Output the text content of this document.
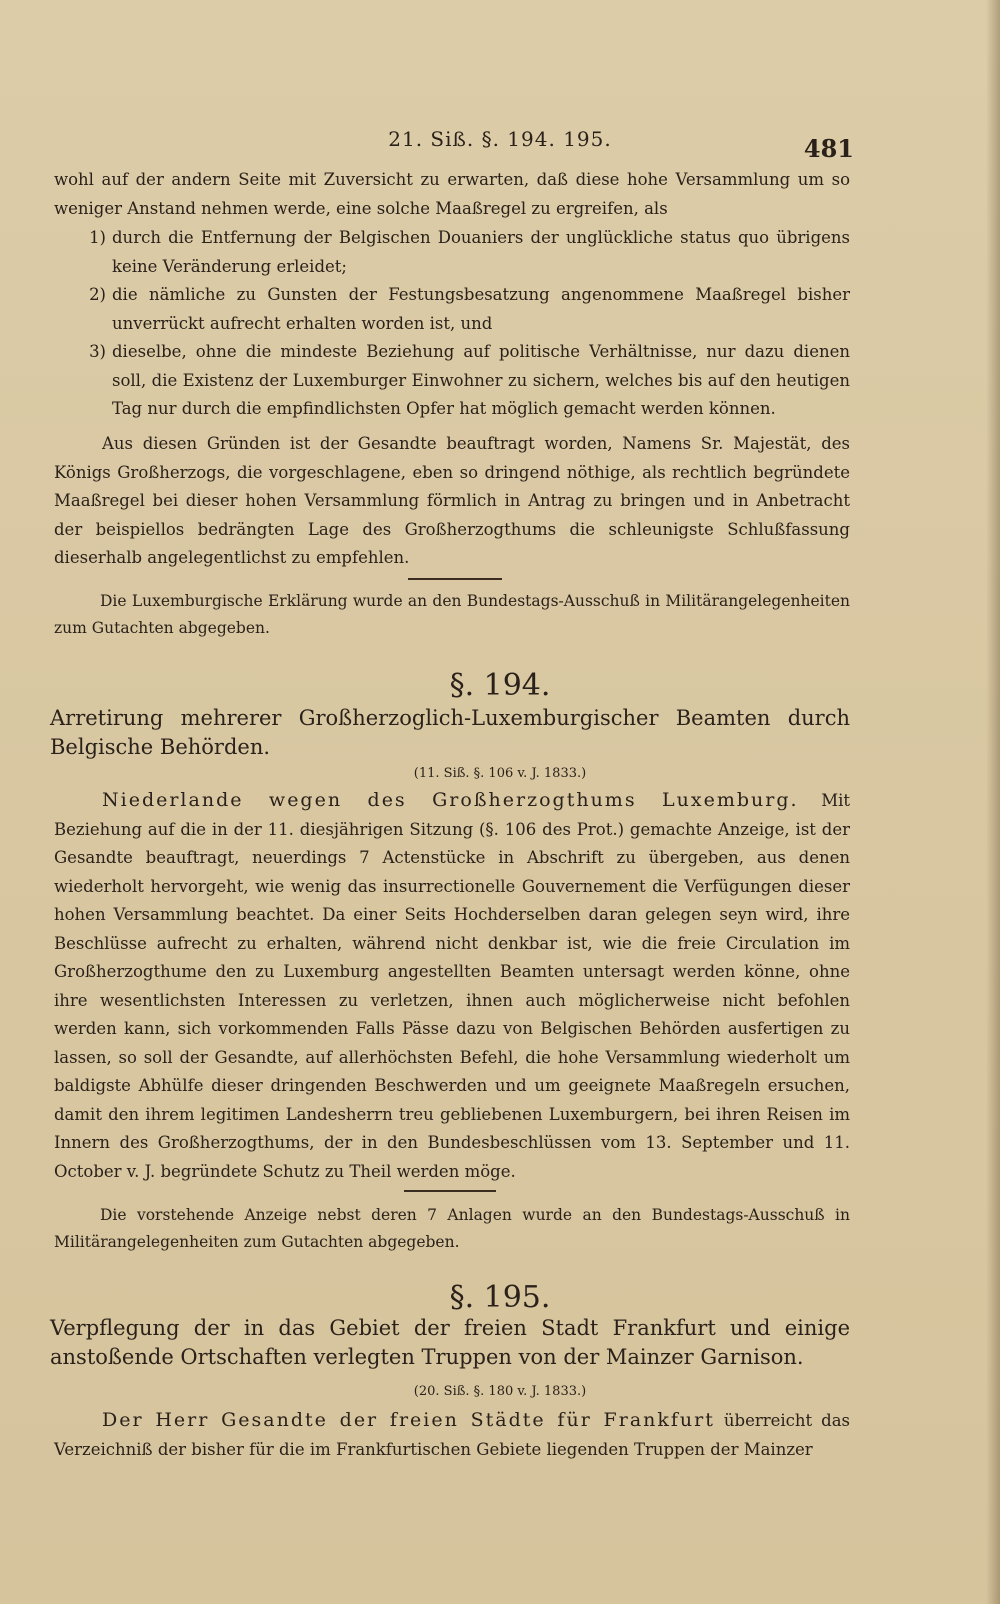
21. Siß. §. 194. 195.	481

wohl auf der andern Seite mit Zuversicht zu erwarten, daß diese hohe Versammlung um so weniger Anstand nehmen werde, eine solche Maaßregel zu ergreifen, als

1) durch die Entfernung der Belgischen Douaniers der unglückliche status quo übrigens keine Veränderung erleidet;
2) die nämliche zu Gunsten der Festungsbesatzung angenommene Maaßregel bisher unverrückt aufrecht erhalten worden ist, und
3) dieselbe, ohne die mindeste Beziehung auf politische Verhältnisse, nur dazu dienen soll, die Existenz der Luxemburger Einwohner zu sichern, welches bis auf den heutigen Tag nur durch die empfindlichsten Opfer hat möglich gemacht werden können.

Aus diesen Gründen ist der Gesandte beauftragt worden, Namens Sr. Majestät, des Königs Großherzogs, die vorgeschlagene, eben so dringend nöthige, als rechtlich begründete Maaßregel bei dieser hohen Versammlung förmlich in Antrag zu bringen und in Anbetracht der beispiellos bedrängten Lage des Großherzogthums die schleunigste Schlußfassung dieserhalb angelegentlichst zu empfehlen.

Die Luxemburgische Erklärung wurde an den Bundestags-Ausschuß in Militärangelegenheiten zum Gutachten abgegeben.

§. 194.
Arretirung mehrerer Großherzoglich-Luxemburgischer Beamten durch Belgische Behörden.
(11. Siß. §. 106 v. J. 1833.)

Niederlande wegen des Großherzogthums Luxemburg. Mit Beziehung auf die in der 11. diesjährigen Sitzung (§. 106 des Prot.) gemachte Anzeige, ist der Gesandte beauftragt, neuerdings 7 Actenstücke in Abschrift zu übergeben, aus denen wiederholt hervorgeht, wie wenig das insurrectionelle Gouvernement die Verfügungen dieser hohen Versammlung beachtet. Da einer Seits Hochderselben daran gelegen seyn wird, ihre Beschlüsse aufrecht zu erhalten, während nicht denkbar ist, wie die freie Circulation im Großherzogthume den zu Luxemburg angestellten Beamten untersagt werden könne, ohne ihre wesentlichsten Interessen zu verletzen, ihnen auch möglicherweise nicht befohlen werden kann, sich vorkommenden Falls Pässe dazu von Belgischen Behörden ausfertigen zu lassen, so soll der Gesandte, auf allerhöchsten Befehl, die hohe Versammlung wiederholt um baldigste Abhülfe dieser dringenden Beschwerden und um geeignete Maaßregeln ersuchen, damit den ihrem legitimen Landesherrn treu gebliebenen Luxemburgern, bei ihren Reisen im Innern des Großherzogthums, der in den Bundesbeschlüssen vom 13. September und 11. October v. J. begründete Schutz zu Theil werden möge.

Die vorstehende Anzeige nebst deren 7 Anlagen wurde an den Bundestags-Ausschuß in Militärangelegenheiten zum Gutachten abgegeben.

§. 195.
Verpflegung der in das Gebiet der freien Stadt Frankfurt und einige anstoßende Ortschaften verlegten Truppen von der Mainzer Garnison.
(20. Siß. §. 180 v. J. 1833.)

Der Herr Gesandte der freien Städte für Frankfurt überreicht das Verzeichniß der bisher für die im Frankfurtischen Gebiete liegenden Truppen der Mainzer
